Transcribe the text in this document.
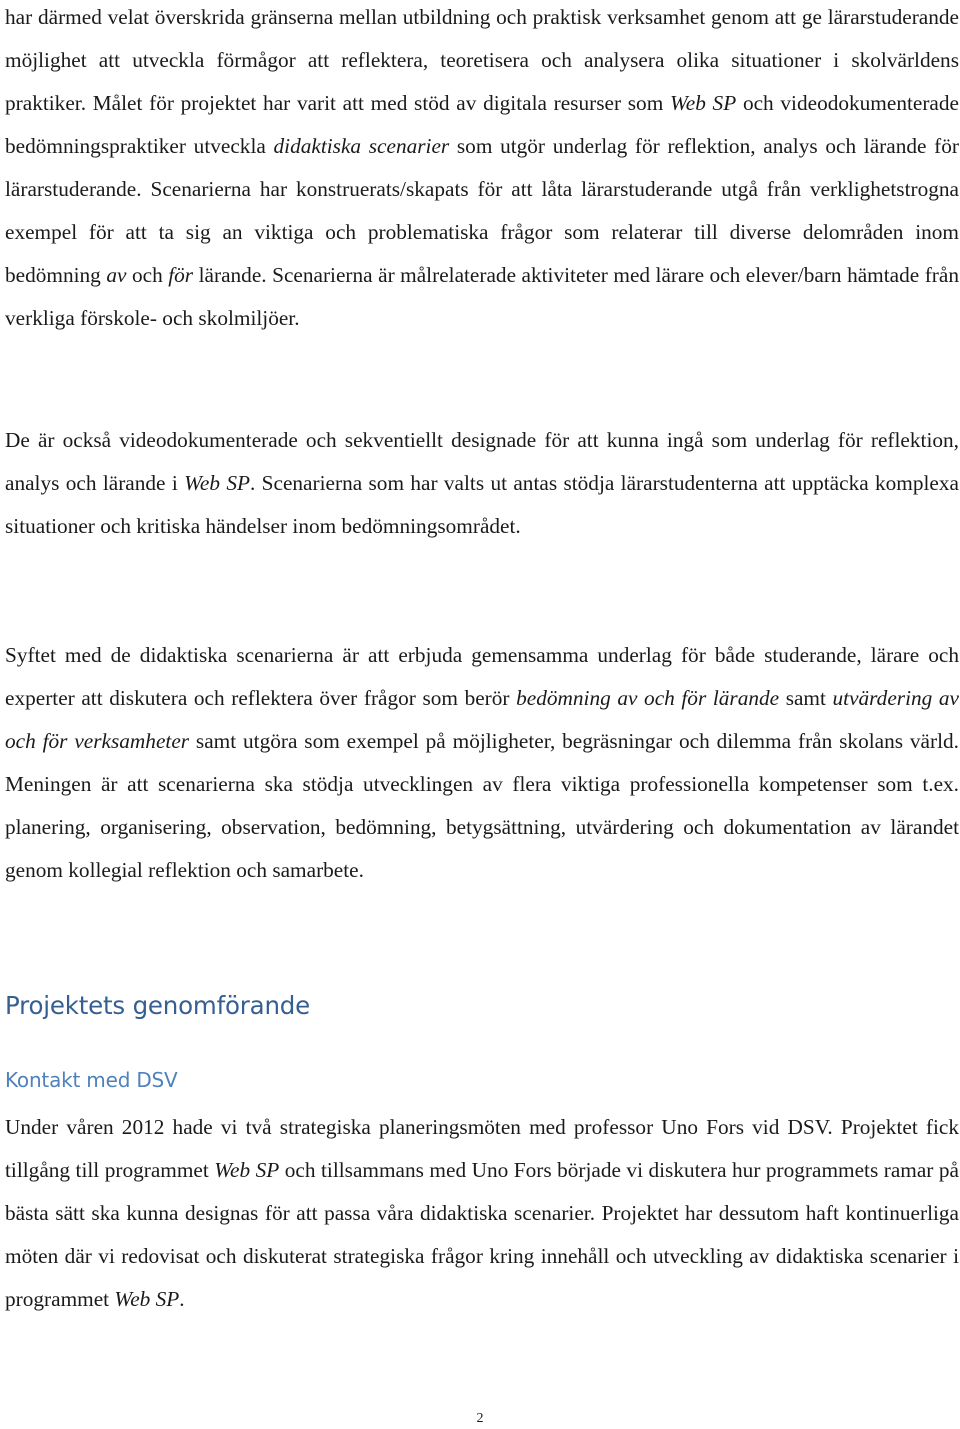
har därmed velat överskrida gränserna mellan utbildning och praktisk verksamhet genom att ge lärarstuderande möjlighet att utveckla förmågor att reflektera, teoretisera och analysera olika situationer i skolvärldens praktiker. Målet för projektet har varit att med stöd av digitala resurser som Web SP och videodokumenterade bedömningspraktiker utveckla didaktiska scenarier som utgör underlag för reflektion, analys och lärande för lärarstuderande. Scenarierna har konstruerats/skapats för att låta lärarstuderande utgå från verklighetstrogna exempel för att ta sig an viktiga och problematiska frågor som relaterar till diverse delområden inom bedömning av och för lärande. Scenarierna är målrelaterade aktiviteter med lärare och elever/barn hämtade från verkliga förskole- och skolmiljöer.

De är också videodokumenterade och sekventiellt designade för att kunna ingå som underlag för reflektion, analys och lärande i Web SP. Scenarierna som har valts ut antas stödja lärarstudenterna att upptäcka komplexa situationer och kritiska händelser inom bedömningsområdet.

Syftet med de didaktiska scenarierna är att erbjuda gemensamma underlag för både studerande, lärare och experter att diskutera och reflektera över frågor som berör bedömning av och för lärande samt utvärdering av och för verksamheter samt utgöra som exempel på möjligheter, begräsningar och dilemma från skolans värld. Meningen är att scenarierna ska stödja utvecklingen av flera viktiga professionella kompetenser som t.ex. planering, organisering, observation, bedömning, betygsättning, utvärdering och dokumentation av lärandet genom kollegial reflektion och samarbete.

Projektets genomförande
Kontakt med DSV

Under våren 2012 hade vi två strategiska planeringsmöten med professor Uno Fors vid DSV. Projektet fick tillgång till programmet Web SP och tillsammans med Uno Fors började vi diskutera hur programmets ramar på bästa sätt ska kunna designas för att passa våra didaktiska scenarier. Projektet har dessutom haft kontinuerliga möten där vi redovisat och diskuterat strategiska frågor kring innehåll och utveckling av didaktiska scenarier i programmet Web SP.

2
